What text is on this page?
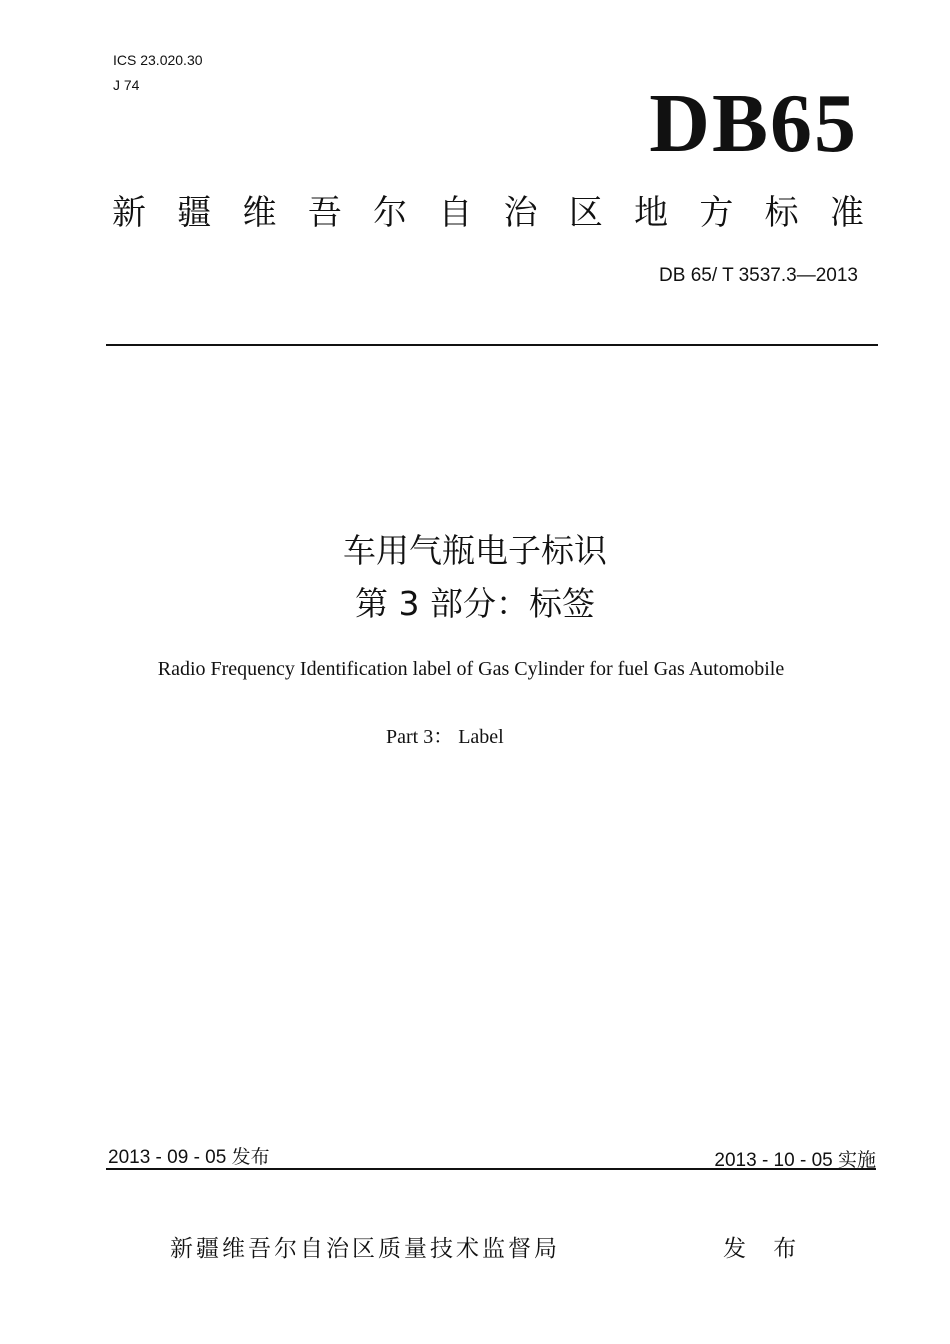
ICS 23.020.30
J 74	DB65
新 疆 维 吾 尔 自 治 区 地 方 标 准
DB 65/ T 3537.3—2013
车用气瓶电子标识
第 3 部分：标签
Radio Frequency Identification label of Gas Cylinder for fuel Gas Automobile
Part 3： Label
2013 - 09 - 05 发布	2013 - 10 - 05 实施
新疆维吾尔自治区质量技术监督局	发 布
